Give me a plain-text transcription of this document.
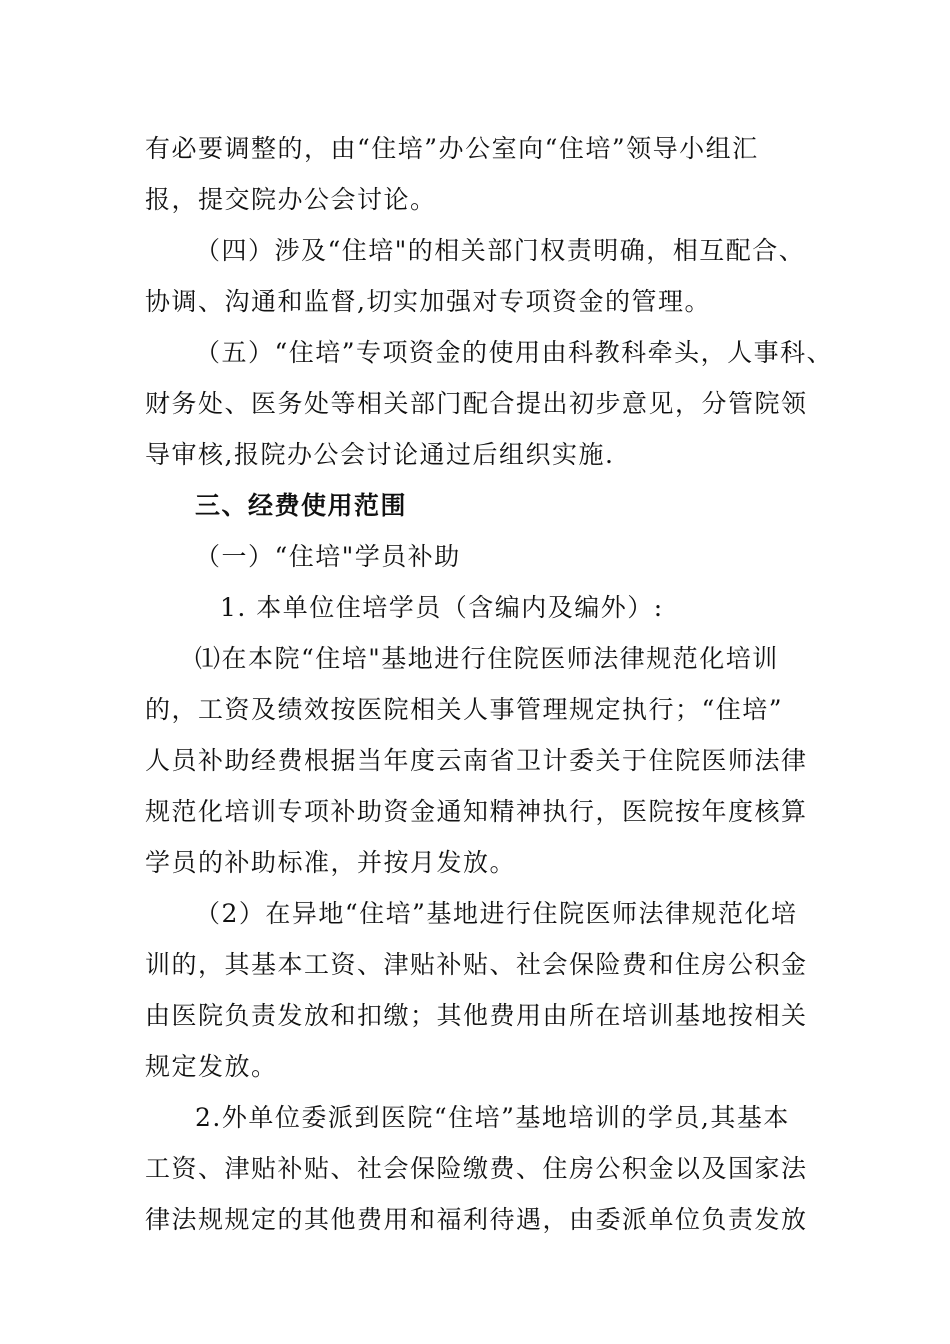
有必要调整的，由“住培”办公室向“住培”领导小组汇
报，提交院办公会讨论。
（四）涉及“住培"的相关部门权责明确，相互配合、
协调、沟通和监督,切实加强对专项资金的管理。
（五）“住培”专项资金的使用由科教科牵头，人事科、
财务处、医务处等相关部门配合提出初步意见，分管院领
导审核,报院办公会讨论通过后组织实施.
三、经费使用范围
（一）“住培"学员补助
1. 本单位住培学员（含编内及编外）:
⑴在本院“住培"基地进行住院医师法律规范化培训
的，工资及绩效按医院相关人事管理规定执行；“住培”
人员补助经费根据当年度云南省卫计委关于住院医师法律
规范化培训专项补助资金通知精神执行，医院按年度核算
学员的补助标准，并按月发放。
（2）在异地“住培”基地进行住院医师法律规范化培
训的，其基本工资、津贴补贴、社会保险费和住房公积金
由医院负责发放和扣缴；其他费用由所在培训基地按相关
规定发放。
2.外单位委派到医院“住培”基地培训的学员,其基本
工资、津贴补贴、社会保险缴费、住房公积金以及国家法
律法规规定的其他费用和福利待遇，由委派单位负责发放
